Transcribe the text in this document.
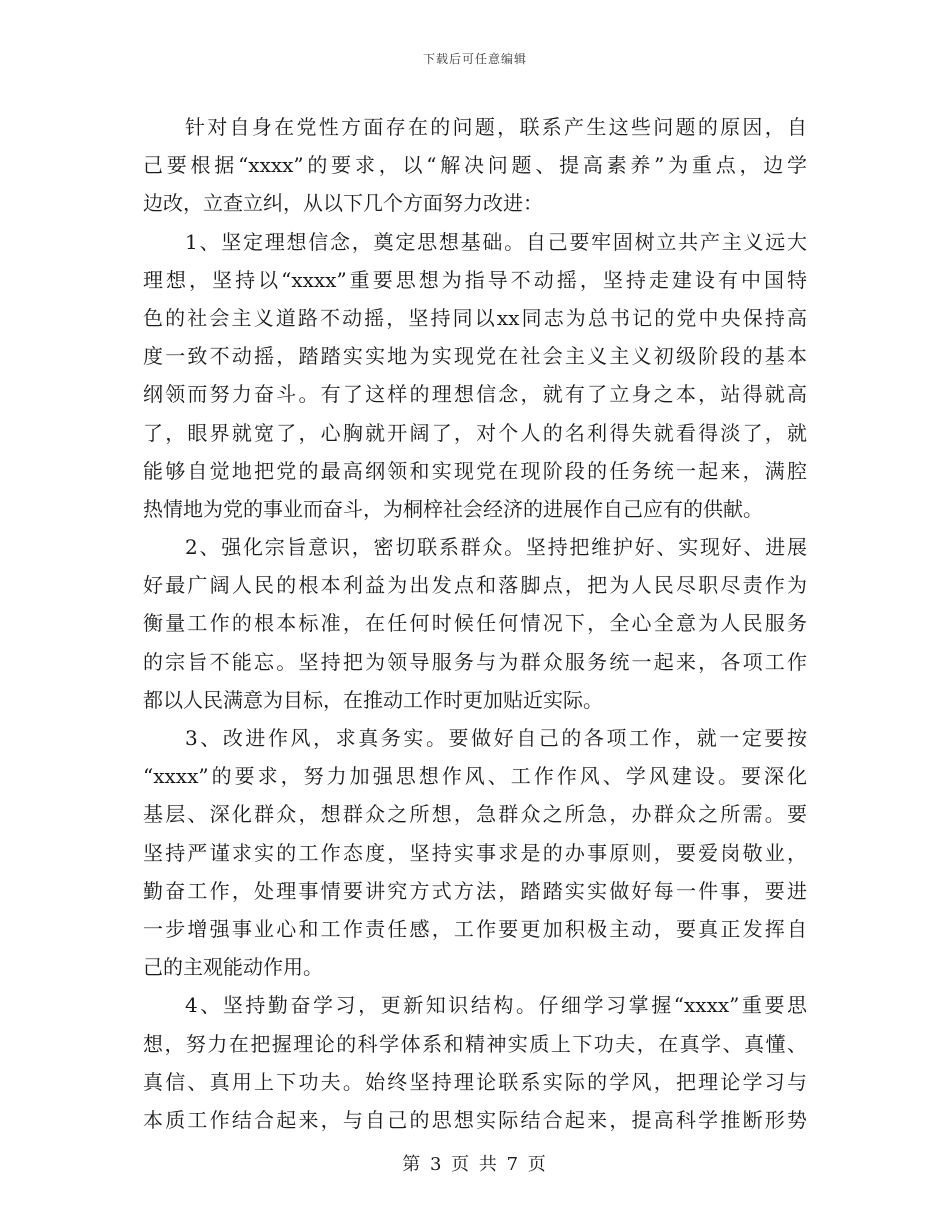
下载后可任意编辑
针对自身在党性方面存在的问题，联系产生这些问题的原因，自
己要根据“xxxx”的要求，以“解决问题、提高素养”为重点，边学
边改，立查立纠，从以下几个方面努力改进：
1、坚定理想信念，奠定思想基础。自己要牢固树立共产主义远大
理想，坚持以“xxxx”重要思想为指导不动摇，坚持走建设有中国特
色的社会主义道路不动摇，坚持同以xx同志为总书记的党中央保持高
度一致不动摇，踏踏实实地为实现党在社会主义主义初级阶段的基本
纲领而努力奋斗。有了这样的理想信念，就有了立身之本，站得就高
了，眼界就宽了，心胸就开阔了，对个人的名利得失就看得淡了，就
能够自觉地把党的最高纲领和实现党在现阶段的任务统一起来，满腔
热情地为党的事业而奋斗，为桐梓社会经济的进展作自己应有的供献。
2、强化宗旨意识，密切联系群众。坚持把维护好、实现好、进展
好最广阔人民的根本利益为出发点和落脚点，把为人民尽职尽责作为
衡量工作的根本标准，在任何时候任何情况下，全心全意为人民服务
的宗旨不能忘。坚持把为领导服务与为群众服务统一起来，各项工作
都以人民满意为目标，在推动工作时更加贴近实际。
3、改进作风，求真务实。要做好自己的各项工作，就一定要按
“xxxx”的要求，努力加强思想作风、工作作风、学风建设。要深化
基层、深化群众，想群众之所想，急群众之所急，办群众之所需。要
坚持严谨求实的工作态度，坚持实事求是的办事原则，要爱岗敬业，
勤奋工作，处理事情要讲究方式方法，踏踏实实做好每一件事，要进
一步增强事业心和工作责任感，工作要更加积极主动，要真正发挥自
己的主观能动作用。
4、坚持勤奋学习，更新知识结构。仔细学习掌握“xxxx”重要思
想，努力在把握理论的科学体系和精神实质上下功夫，在真学、真懂、
真信、真用上下功夫。始终坚持理论联系实际的学风，把理论学习与
本质工作结合起来，与自己的思想实际结合起来，提高科学推断形势
第 3 页 共 7 页
